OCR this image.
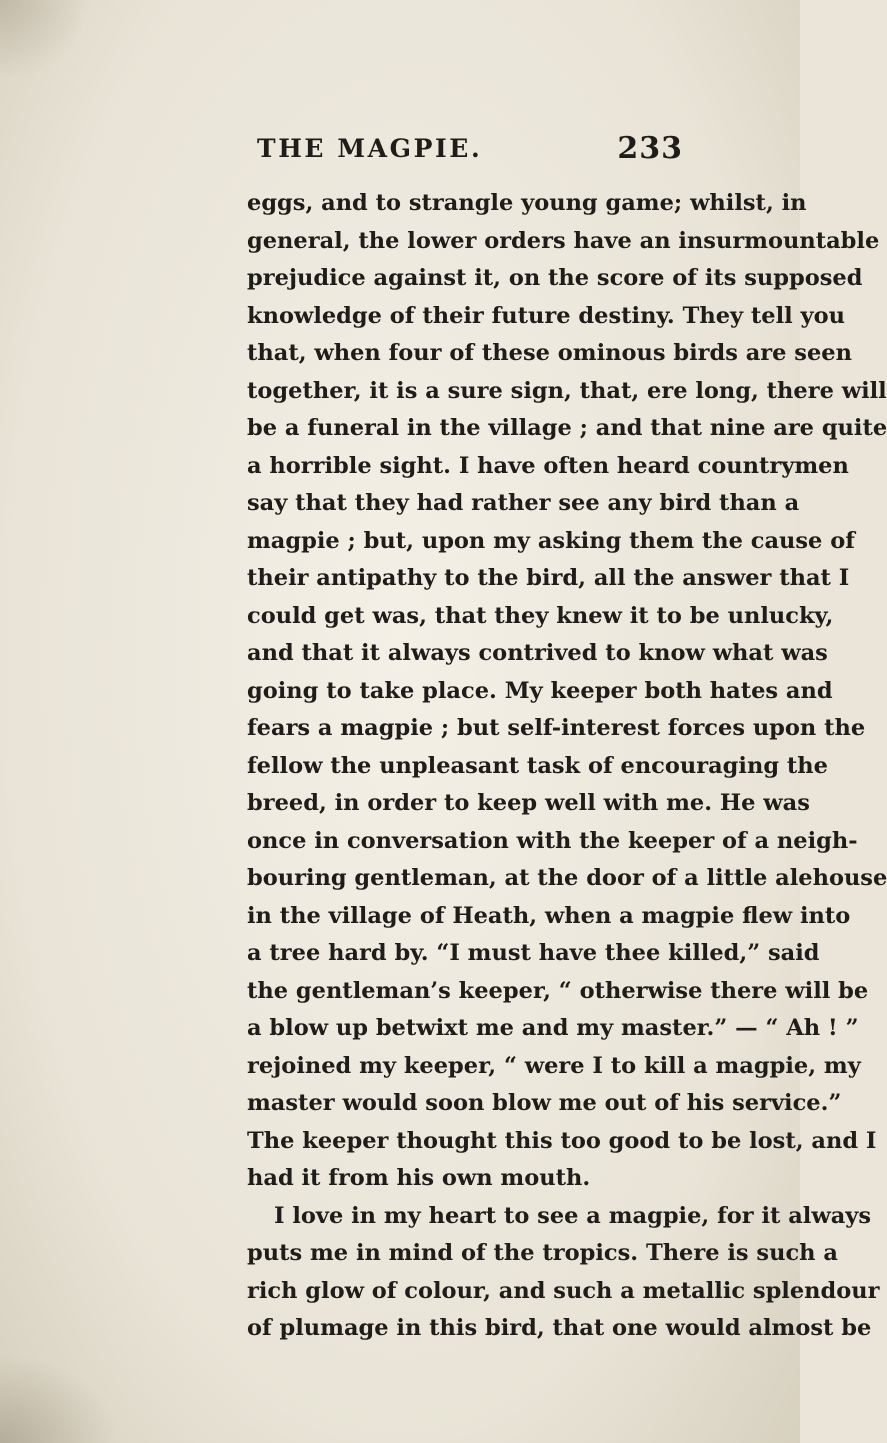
THE MAGPIE.	233
eggs, and to strangle young game; whilst, in
general, the lower orders have an insurmountable
prejudice against it, on the score of its supposed
knowledge of their future destiny. They tell you
that, when four of these ominous birds are seen
together, it is a sure sign, that, ere long, there will
be a funeral in the village ; and that nine are quite
a horrible sight. I have often heard countrymen
say that they had rather see any bird than a
magpie ; but, upon my asking them the cause of
their antipathy to the bird, all the answer that I
could get was, that they knew it to be unlucky,
and that it always contrived to know what was
going to take place. My keeper both hates and
fears a magpie ; but self-interest forces upon the
fellow the unpleasant task of encouraging the
breed, in order to keep well with me. He was
once in conversation with the keeper of a neigh-
bouring gentleman, at the door of a little alehouse
in the village of Heath, when a magpie flew into
a tree hard by. “I must have thee killed,” said
the gentleman’s keeper, “ otherwise there will be
a blow up betwixt me and my master.” — “ Ah ! ”
rejoined my keeper, “ were I to kill a magpie, my
master would soon blow me out of his service.”
The keeper thought this too good to be lost, and I
had it from his own mouth.
I love in my heart to see a magpie, for it always
puts me in mind of the tropics. There is such a
rich glow of colour, and such a metallic splendour
of plumage in this bird, that one would almost be
